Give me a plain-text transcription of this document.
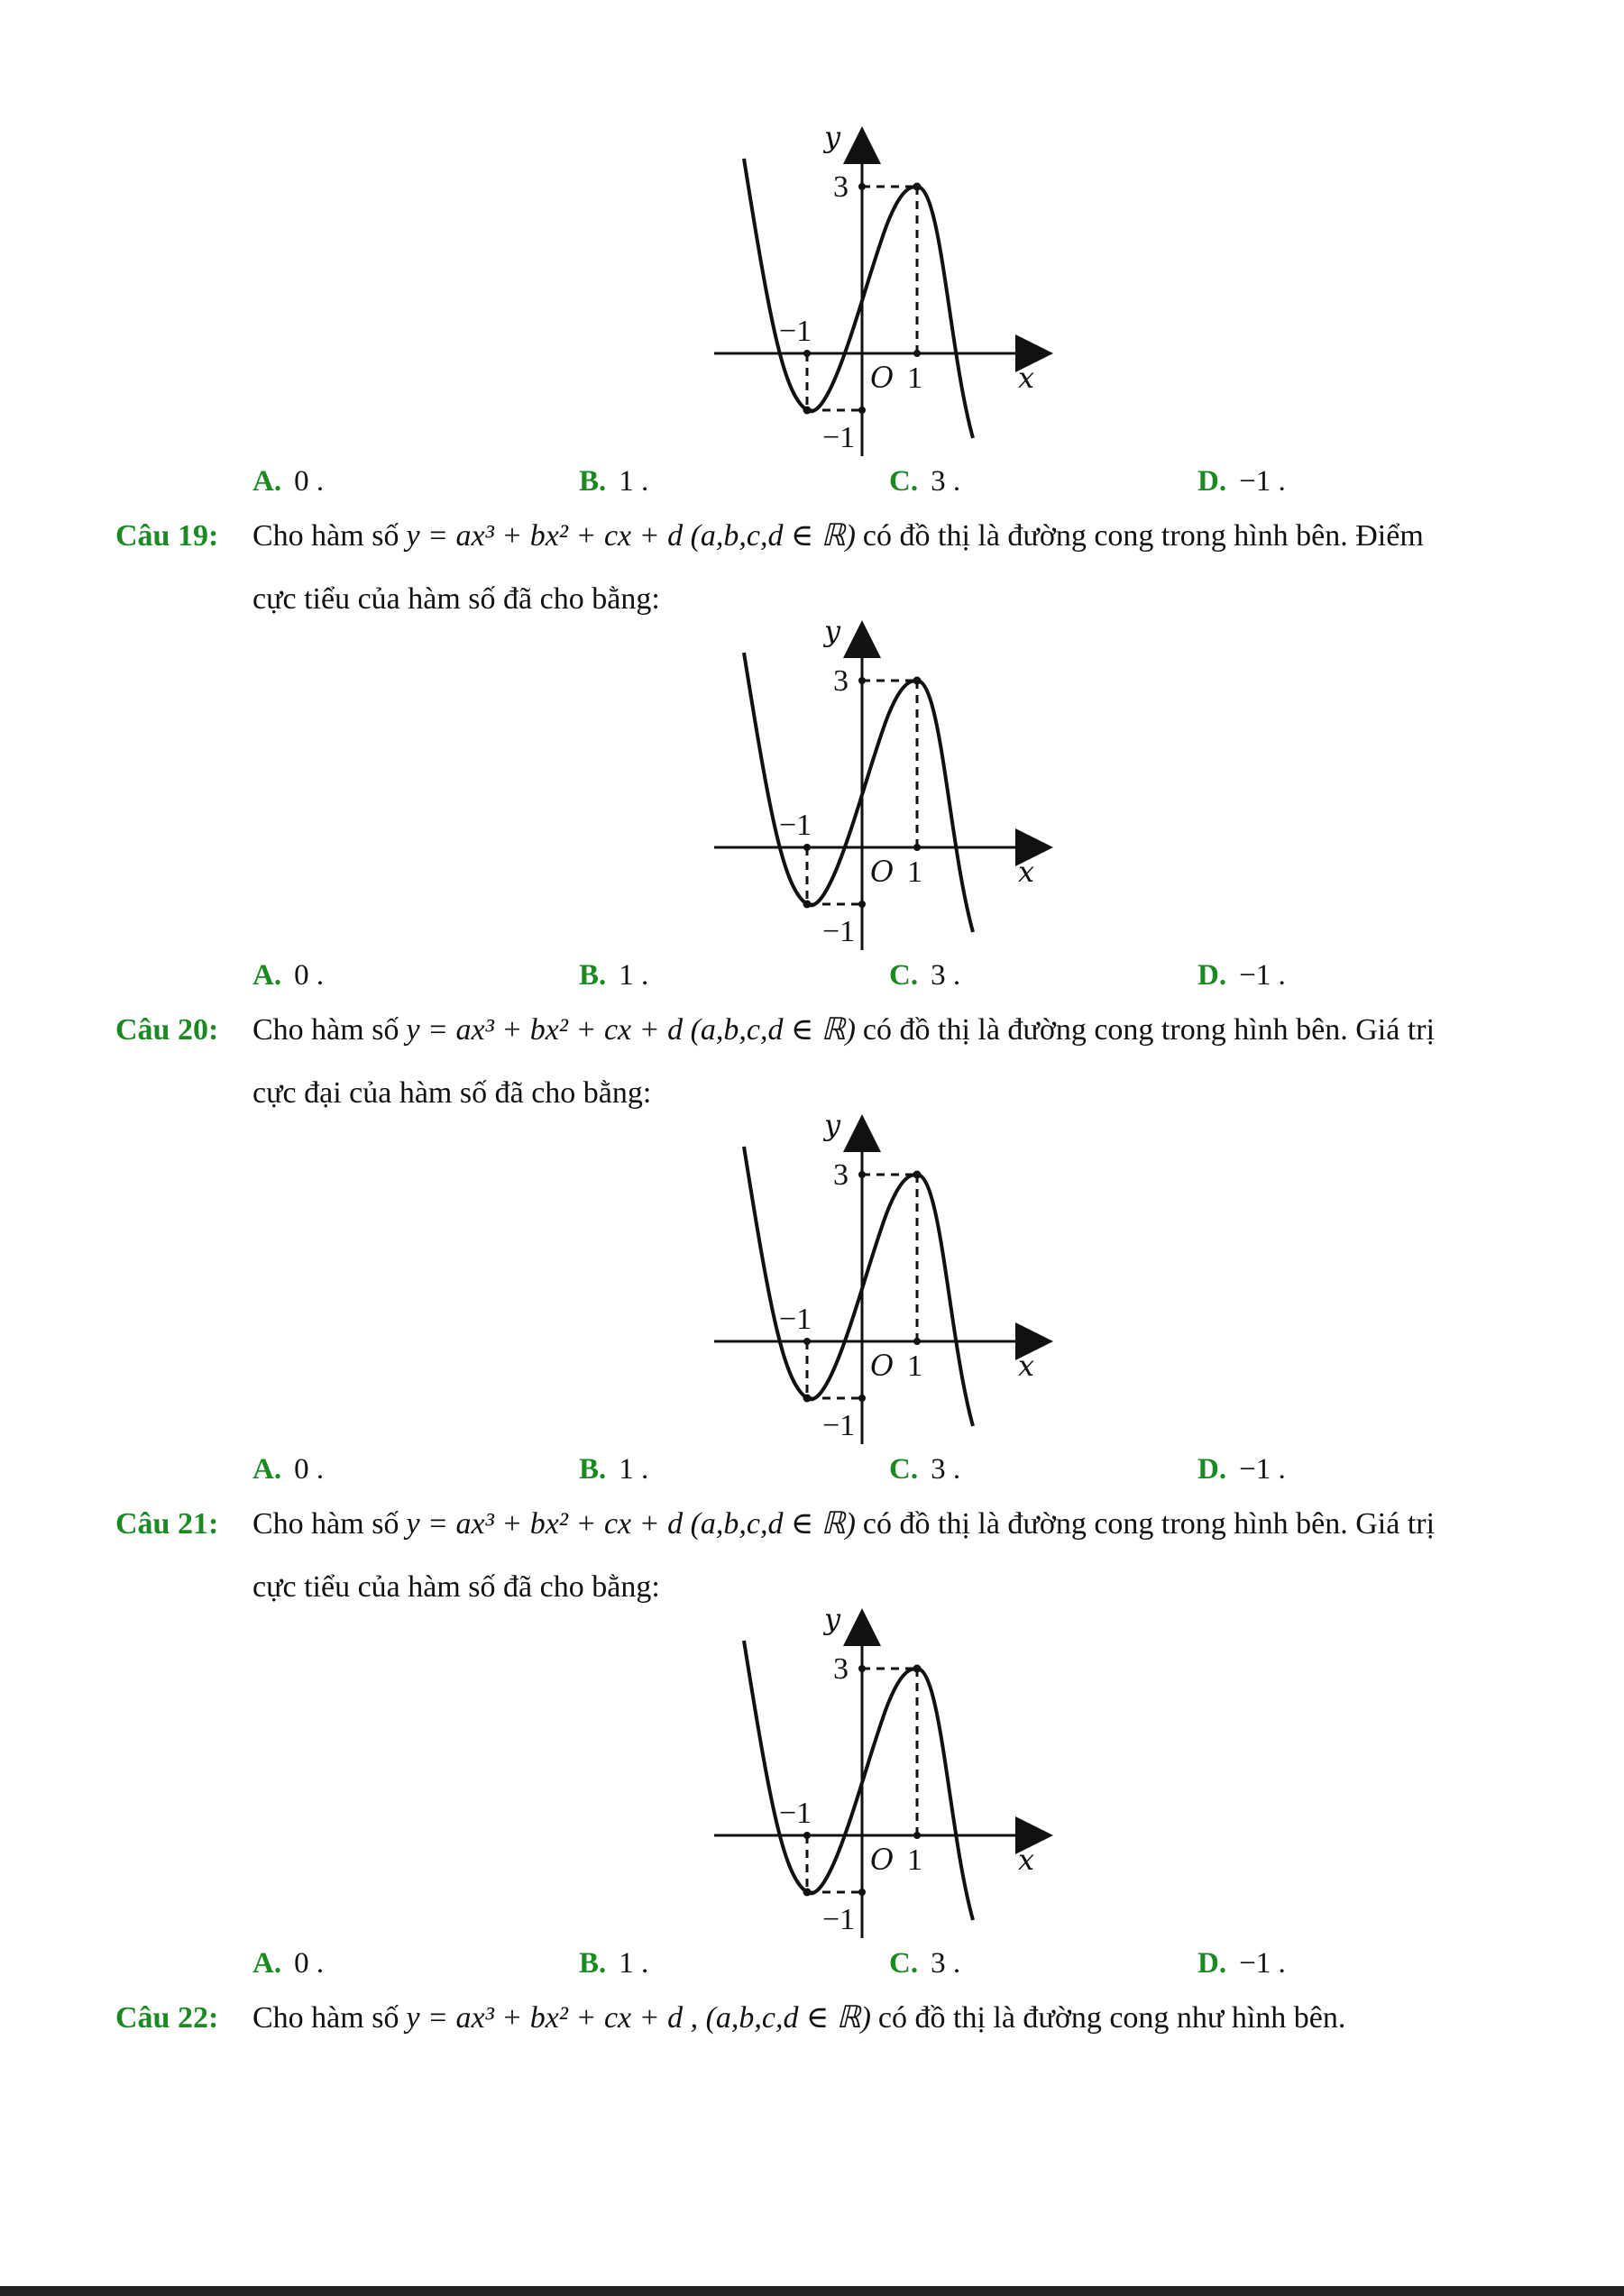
y
3
−1
O 1	x
−1
A. 0 .	B. 1 .	C. 3 .	D. −1 .
Câu 19: Cho hàm số y = ax³ + bx² + cx + d (a,b,c,d ∈ ℝ) có đồ thị là đường cong trong hình bên. Điểm
cực tiểu của hàm số đã cho bằng:
y
3
−1
O 1	x
−1
A. 0 .	B. 1 .	C. 3 .	D. −1 .
Câu 20: Cho hàm số y = ax³ + bx² + cx + d (a,b,c,d ∈ ℝ) có đồ thị là đường cong trong hình bên. Giá trị
cực đại của hàm số đã cho bằng:
y
3
−1
O 1	x
−1
A. 0 .	B. 1 .	C. 3 .	D. −1 .
Câu 21: Cho hàm số y = ax³ + bx² + cx + d (a,b,c,d ∈ ℝ) có đồ thị là đường cong trong hình bên. Giá trị
cực tiểu của hàm số đã cho bằng:
y
3
−1
O 1	x
−1
A. 0 .	B. 1 .	C. 3 .	D. −1 .
Câu 22: Cho hàm số y = ax³ + bx² + cx + d , (a,b,c,d ∈ ℝ) có đồ thị là đường cong như hình bên.
